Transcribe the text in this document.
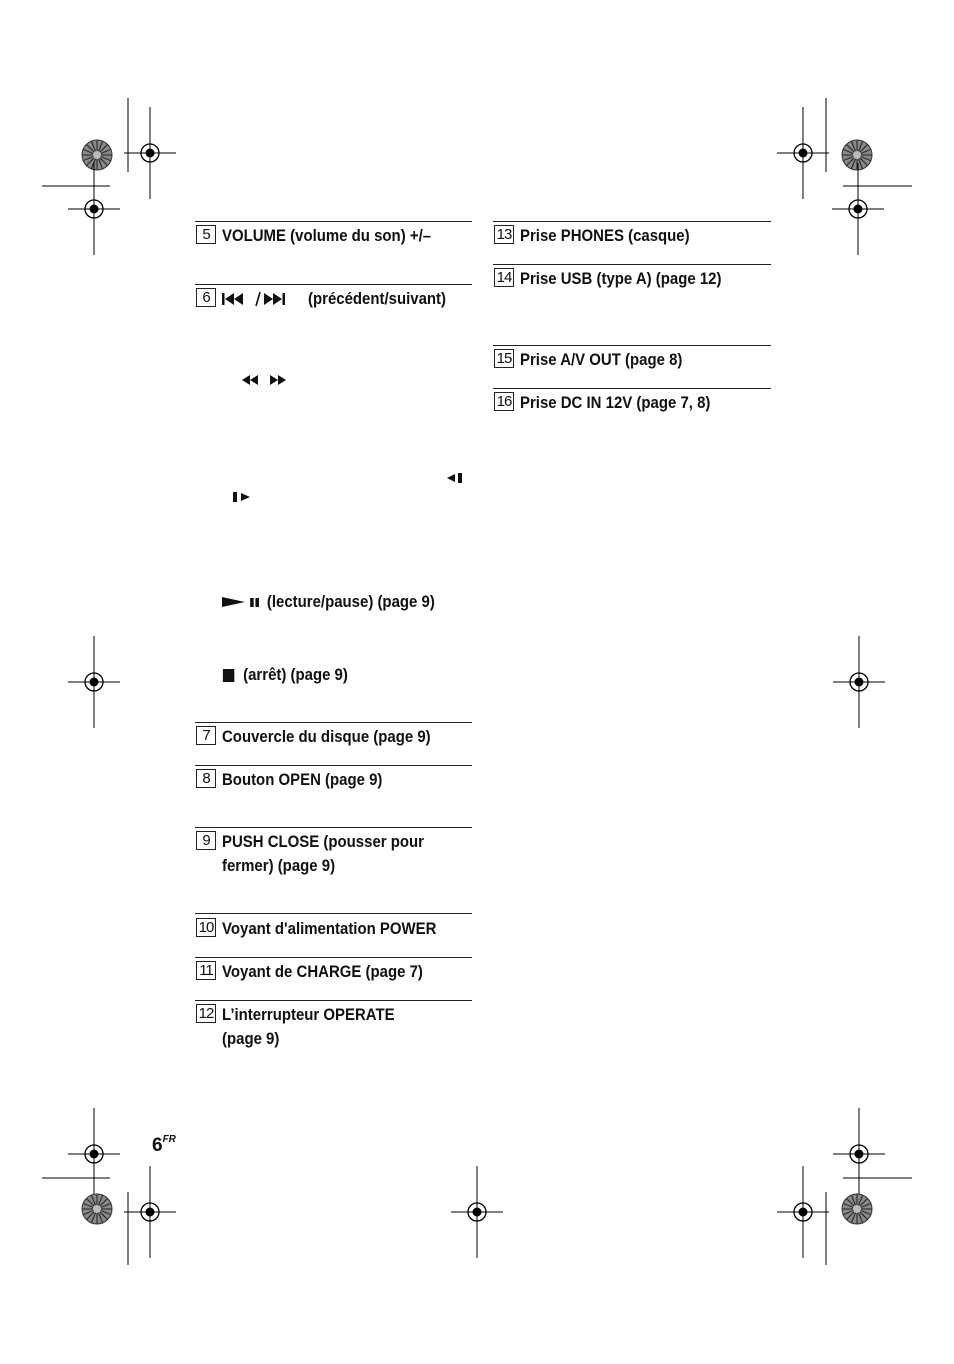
5 VOLUME (volume du son) +/–
6	(précédent/suivant)
(lecture/pause) (page 9)
(arrêt) (page 9)
7 Couvercle du disque (page 9)
8 Bouton OPEN (page 9)
9 PUSH CLOSE (pousser pour
fermer) (page 9)
10 Voyant d'alimentation POWER
11 Voyant de CHARGE (page 7)
12 L’interrupteur OPERATE
(page 9)
13 Prise PHONES (casque)
14 Prise USB (type A) (page 12)
15 Prise A/V OUT (page 8)
16 Prise DC IN 12V (page 7, 8)
$6^{FR}$
